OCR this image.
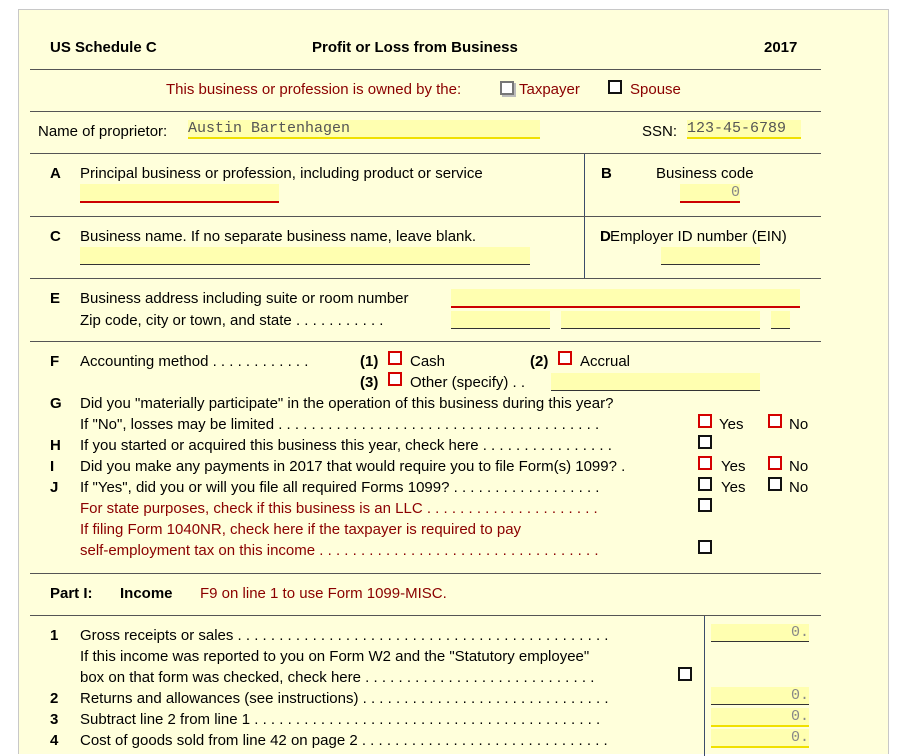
US Schedule C	Profit or Loss from Business	2017
This business or profession is owned by the:	Taxpayer	Spouse
Name of proprietor: Austin Bartenhagen	SSN: 123-45-6789
A Principal business or profession, including product or service	B	Business code
0
C Business name. If no separate business name, leave blank.	D Employer ID number (EIN)
E Business address including suite or room number
Zip code, city or town, and state . . . . . . . . . . .
F Accounting method . . . . . . . . . . . .	(1) Cash	(2) Accrual
(3) Other (specify) . .
G Did you "materially participate" in the operation of this business during this year?
If "No", losses may be limited . . . . . . . . . . . . . . . . . . . . . . . . . . . . . . . . . . . . . . .	Yes	No
H If you started or acquired this business this year, check here . . . . . . . . . . . . . . . .
I Did you make any payments in 2017 that would require you to file Form(s) 1099? .	Yes	No
J If "Yes", did you or will you file all required Forms 1099? . . . . . . . . . . . . . . . . . .	Yes	No
For state purposes, check if this business is an LLC . . . . . . . . . . . . . . . . . . . . .
If filing Form 1040NR, check here if the taxpayer is required to pay
self-employment tax on this income . . . . . . . . . . . . . . . . . . . . . . . . . . . . . . . . . .
Part I: Income F9 on line 1 to use Form 1099-MISC.
1 Gross receipts or sales . . . . . . . . . . . . . . . . . . . . . . . . . . . . . . . . . . . . . . . . . . . . .	0.
If this income was reported to you on Form W2 and the "Statutory employee"
box on that form was checked, check here . . . . . . . . . . . . . . . . . . . . . . . . . . . .
2 Returns and allowances (see instructions) . . . . . . . . . . . . . . . . . . . . . . . . . . . . . .	0.
3 Subtract line 2 from line 1 . . . . . . . . . . . . . . . . . . . . . . . . . . . . . . . . . . . . . . . . . .	0.
4 Cost of goods sold from line 42 on page 2 . . . . . . . . . . . . . . . . . . . . . . . . . . . . . .	0.
